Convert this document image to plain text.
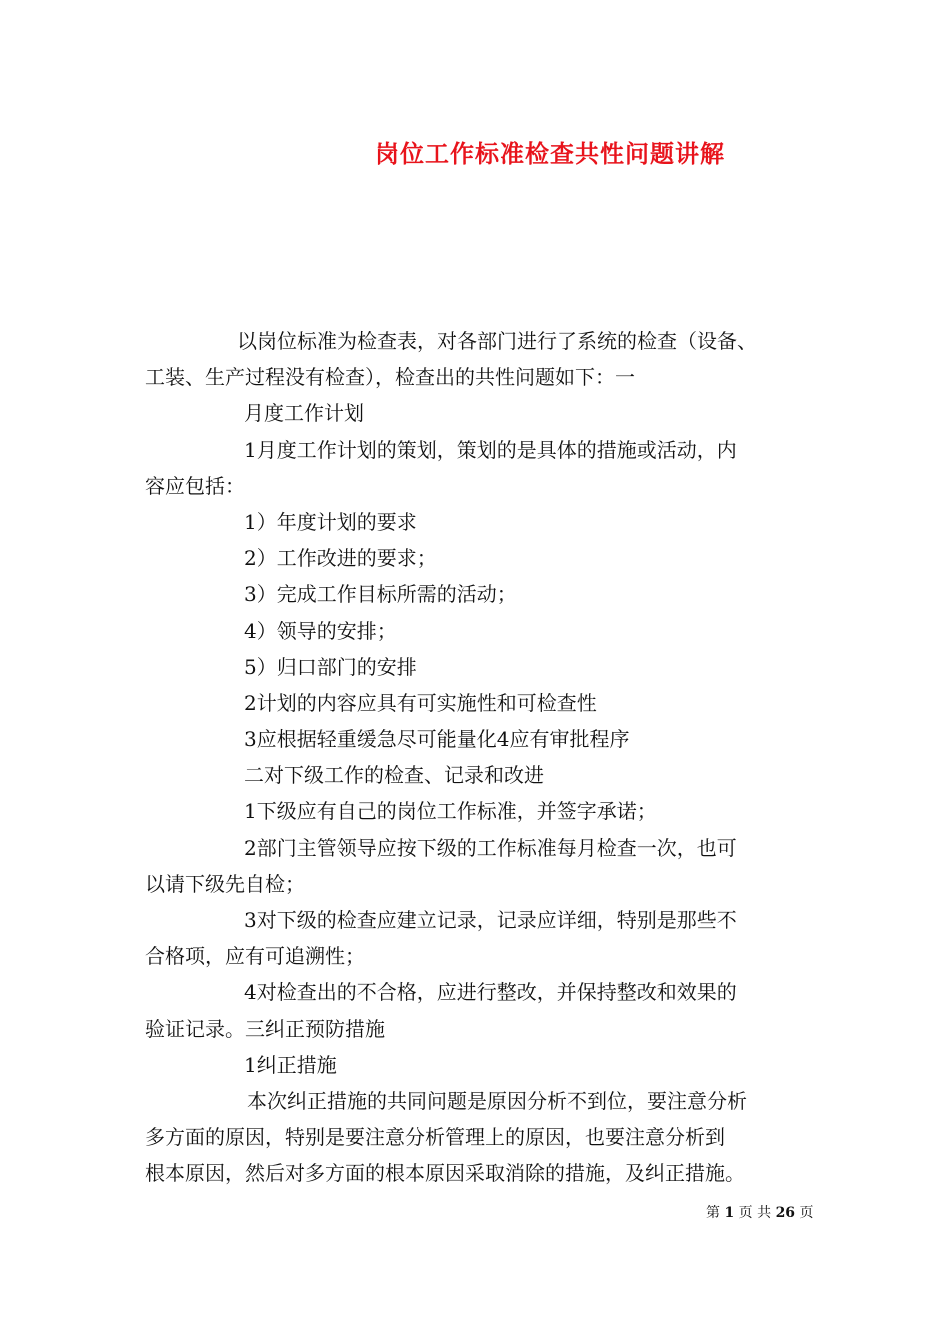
岗位工作标准检查共性问题讲解
以岗位标准为检查表，对各部门进行了系统的检查（设备、
工装、生产过程没有检查），检查出的共性问题如下：一
月度工作计划
1月度工作计划的策划，策划的是具体的措施或活动，内
容应包括：
1）年度计划的要求
2）工作改进的要求；
3）完成工作目标所需的活动；
4）领导的安排；
5）归口部门的安排
2计划的内容应具有可实施性和可检查性
3应根据轻重缓急尽可能量化4应有审批程序
二对下级工作的检查、记录和改进
1下级应有自己的岗位工作标准，并签字承诺；
2部门主管领导应按下级的工作标准每月检查一次，也可
以请下级先自检；
3对下级的检查应建立记录，记录应详细，特别是那些不
合格项，应有可追溯性；
4对检查出的不合格，应进行整改，并保持整改和效果的
验证记录。三纠正预防措施
1纠正措施
本次纠正措施的共同问题是原因分析不到位，要注意分析
多方面的原因，特别是要注意分析管理上的原因，也要注意分析到
根本原因，然后对多方面的根本原因采取消除的措施，及纠正措施。
第 1 页 共 26 页
